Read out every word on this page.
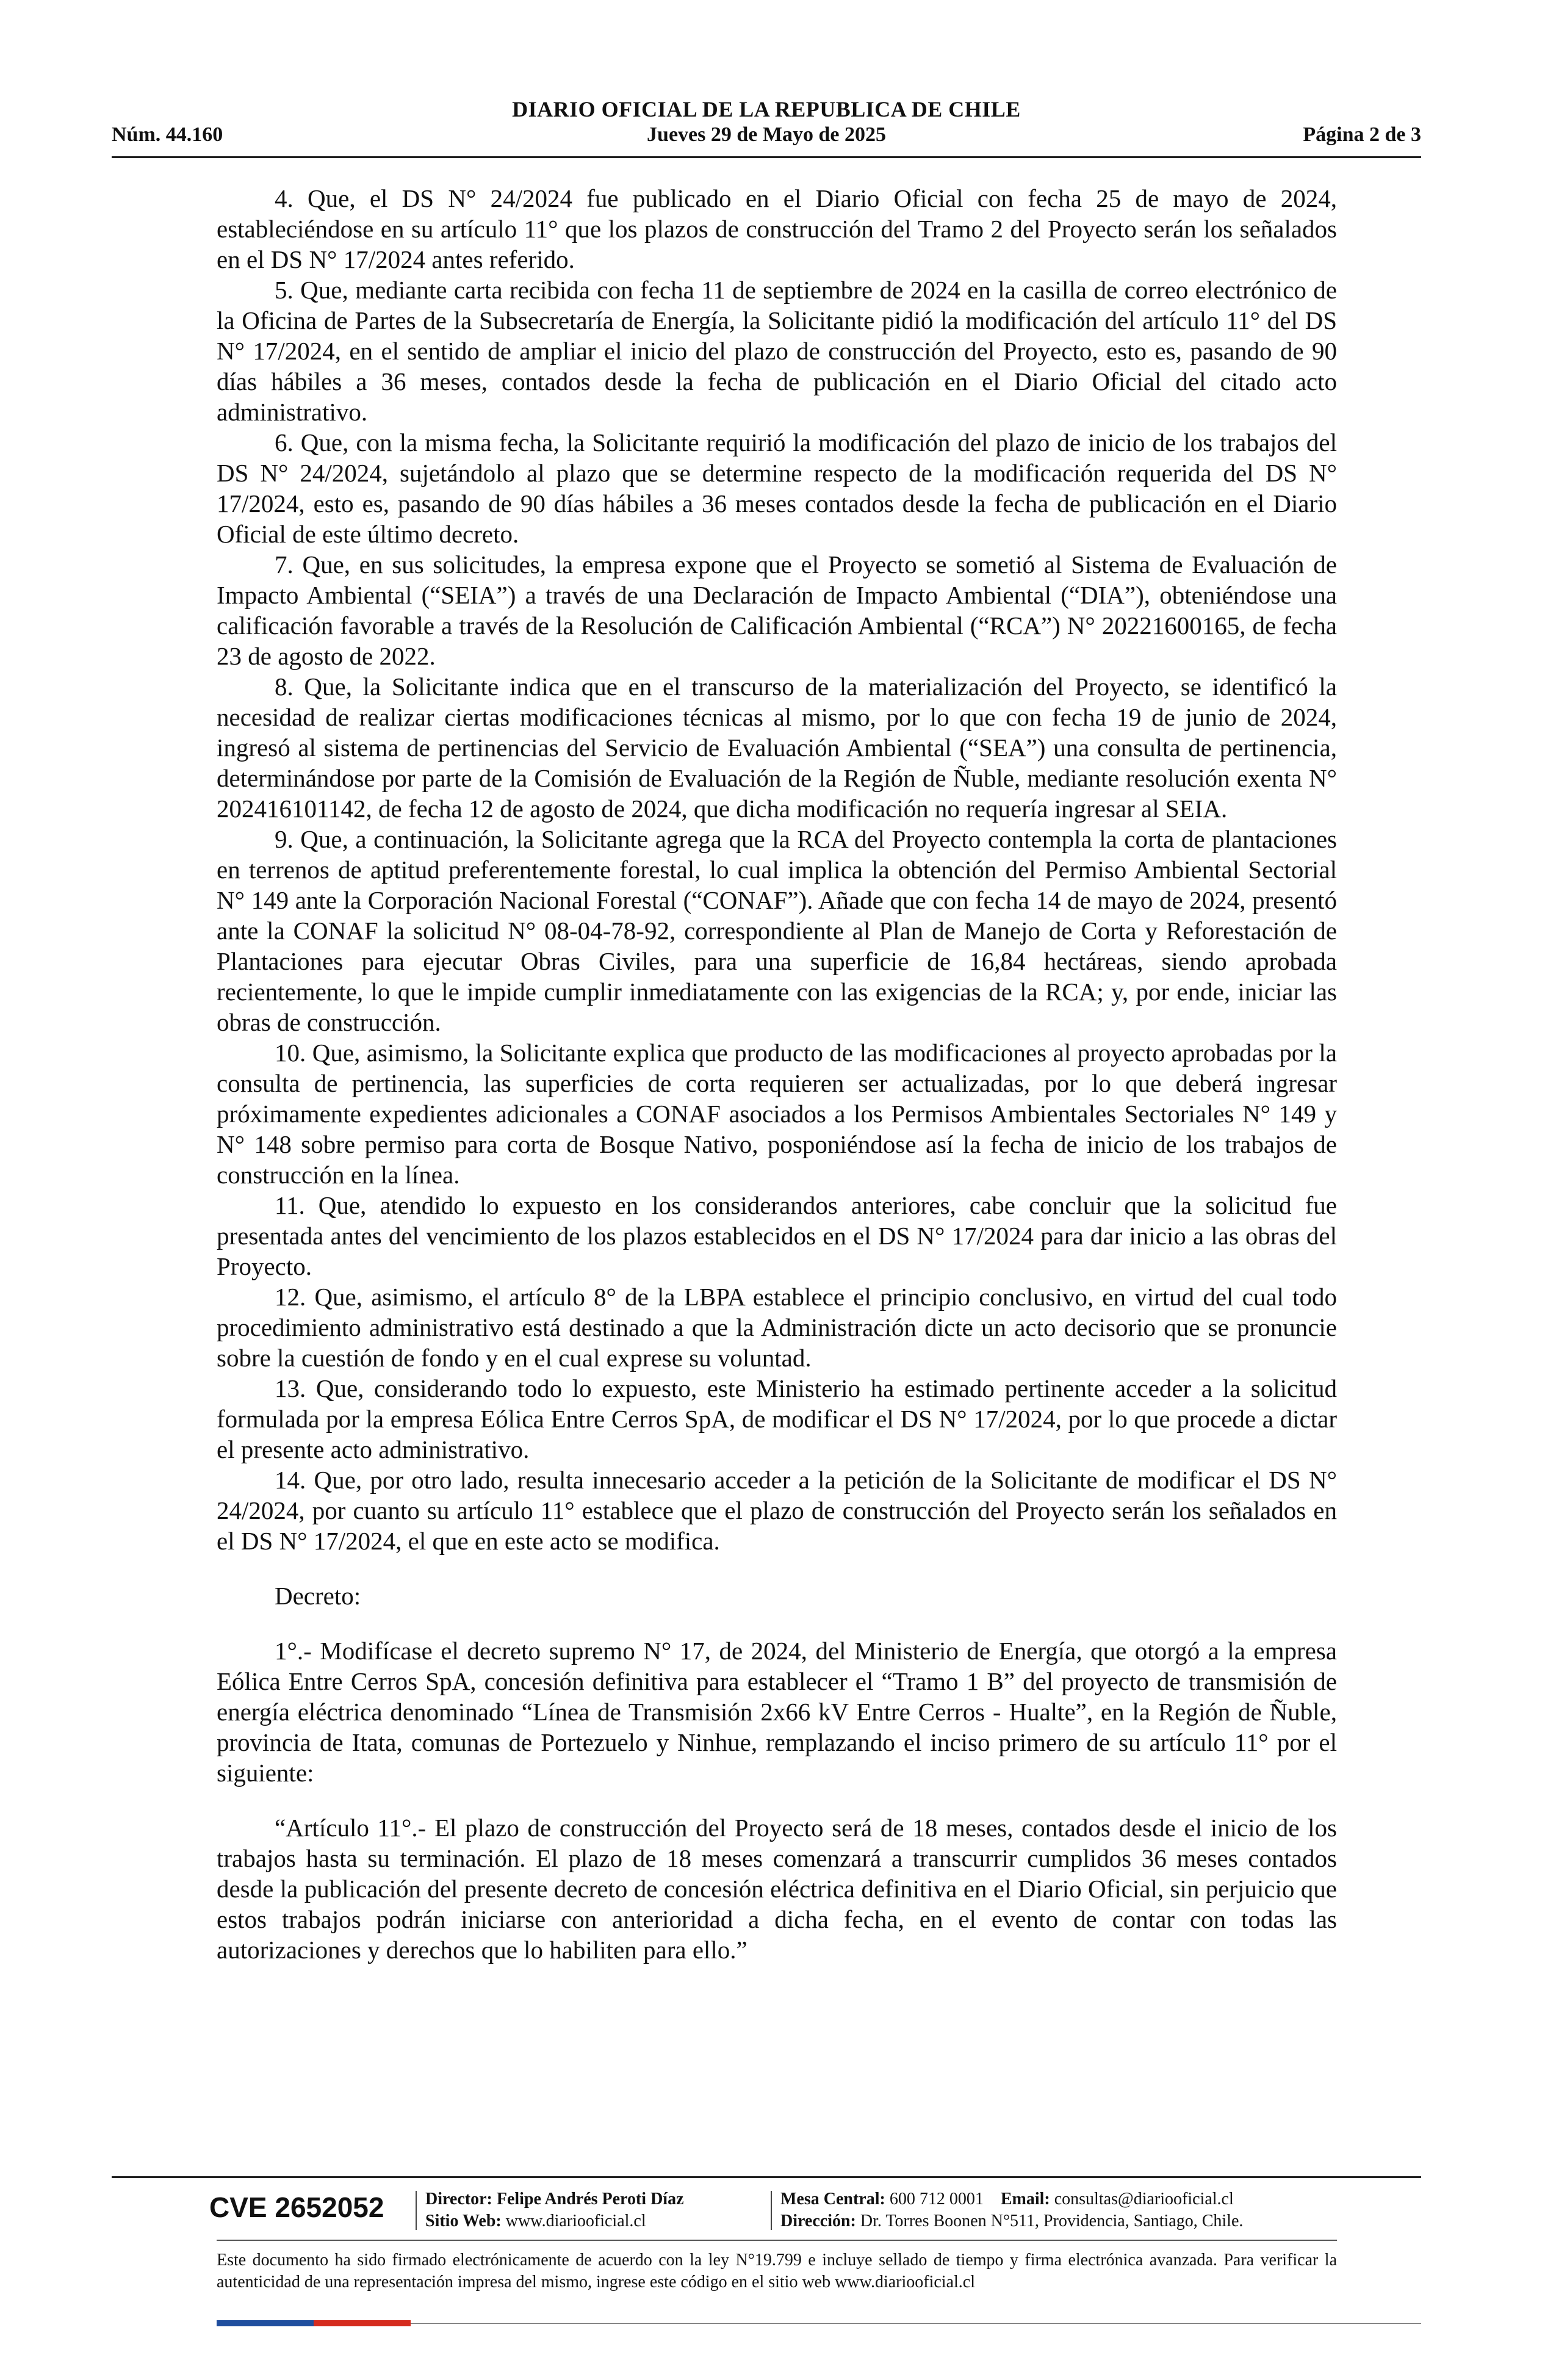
DIARIO OFICIAL DE LA REPUBLICA DE CHILE
Núm. 44.160	Jueves 29 de Mayo de 2025	Página 2 de 3

4. Que, el DS N° 24/2024 fue publicado en el Diario Oficial con fecha 25 de mayo de 2024, estableciéndose en su artículo 11° que los plazos de construcción del Tramo 2 del Proyecto serán los señalados en el DS N° 17/2024 antes referido.

5. Que, mediante carta recibida con fecha 11 de septiembre de 2024 en la casilla de correo electrónico de la Oficina de Partes de la Subsecretaría de Energía, la Solicitante pidió la modificación del artículo 11° del DS N° 17/2024, en el sentido de ampliar el inicio del plazo de construcción del Proyecto, esto es, pasando de 90 días hábiles a 36 meses, contados desde la fecha de publicación en el Diario Oficial del citado acto administrativo.

6. Que, con la misma fecha, la Solicitante requirió la modificación del plazo de inicio de los trabajos del DS N° 24/2024, sujetándolo al plazo que se determine respecto de la modificación requerida del DS N° 17/2024, esto es, pasando de 90 días hábiles a 36 meses contados desde la fecha de publicación en el Diario Oficial de este último decreto.

7. Que, en sus solicitudes, la empresa expone que el Proyecto se sometió al Sistema de Evaluación de Impacto Ambiental (“SEIA”) a través de una Declaración de Impacto Ambiental (“DIA”), obteniéndose una calificación favorable a través de la Resolución de Calificación Ambiental (“RCA”) N° 20221600165, de fecha 23 de agosto de 2022.

8. Que, la Solicitante indica que en el transcurso de la materialización del Proyecto, se identificó la necesidad de realizar ciertas modificaciones técnicas al mismo, por lo que con fecha 19 de junio de 2024, ingresó al sistema de pertinencias del Servicio de Evaluación Ambiental (“SEA”) una consulta de pertinencia, determinándose por parte de la Comisión de Evaluación de la Región de Ñuble, mediante resolución exenta N° 202416101142, de fecha 12 de agosto de 2024, que dicha modificación no requería ingresar al SEIA.

9. Que, a continuación, la Solicitante agrega que la RCA del Proyecto contempla la corta de plantaciones en terrenos de aptitud preferentemente forestal, lo cual implica la obtención del Permiso Ambiental Sectorial N° 149 ante la Corporación Nacional Forestal (“CONAF”). Añade que con fecha 14 de mayo de 2024, presentó ante la CONAF la solicitud N° 08-04-78-92, correspondiente al Plan de Manejo de Corta y Reforestación de Plantaciones para ejecutar Obras Civiles, para una superficie de 16,84 hectáreas, siendo aprobada recientemente, lo que le impide cumplir inmediatamente con las exigencias de la RCA; y, por ende, iniciar las obras de construcción.

10. Que, asimismo, la Solicitante explica que producto de las modificaciones al proyecto aprobadas por la consulta de pertinencia, las superficies de corta requieren ser actualizadas, por lo que deberá ingresar próximamente expedientes adicionales a CONAF asociados a los Permisos Ambientales Sectoriales N° 149 y N° 148 sobre permiso para corta de Bosque Nativo, posponiéndose así la fecha de inicio de los trabajos de construcción en la línea.

11. Que, atendido lo expuesto en los considerandos anteriores, cabe concluir que la solicitud fue presentada antes del vencimiento de los plazos establecidos en el DS N° 17/2024 para dar inicio a las obras del Proyecto.

12. Que, asimismo, el artículo 8° de la LBPA establece el principio conclusivo, en virtud del cual todo procedimiento administrativo está destinado a que la Administración dicte un acto decisorio que se pronuncie sobre la cuestión de fondo y en el cual exprese su voluntad.

13. Que, considerando todo lo expuesto, este Ministerio ha estimado pertinente acceder a la solicitud formulada por la empresa Eólica Entre Cerros SpA, de modificar el DS N° 17/2024, por lo que procede a dictar el presente acto administrativo.

14. Que, por otro lado, resulta innecesario acceder a la petición de la Solicitante de modificar el DS N° 24/2024, por cuanto su artículo 11° establece que el plazo de construcción del Proyecto serán los señalados en el DS N° 17/2024, el que en este acto se modifica.

Decreto:

1°.- Modifícase el decreto supremo N° 17, de 2024, del Ministerio de Energía, que otorgó a la empresa Eólica Entre Cerros SpA, concesión definitiva para establecer el “Tramo 1 B” del proyecto de transmisión de energía eléctrica denominado “Línea de Transmisión 2x66 kV Entre Cerros - Hualte”, en la Región de Ñuble, provincia de Itata, comunas de Portezuelo y Ninhue, remplazando el inciso primero de su artículo 11° por el siguiente:

“Artículo 11°.- El plazo de construcción del Proyecto será de 18 meses, contados desde el inicio de los trabajos hasta su terminación. El plazo de 18 meses comenzará a transcurrir cumplidos 36 meses contados desde la publicación del presente decreto de concesión eléctrica definitiva en el Diario Oficial, sin perjuicio que estos trabajos podrán iniciarse con anterioridad a dicha fecha, en el evento de contar con todas las autorizaciones y derechos que lo habiliten para ello.”

CVE 2652052 Director: Felipe Andrés Peroti Díaz
Sitio Web: www.diariooficial.cl
Mesa Central: 600 712 0001 Email: consultas@diariooficial.cl
Dirección: Dr. Torres Boonen N°511, Providencia, Santiago, Chile.
Este documento ha sido firmado electrónicamente de acuerdo con la ley N°19.799 e incluye sellado de tiempo y firma electrónica avanzada. Para verificar la autenticidad de una representación impresa del mismo, ingrese este código en el sitio web www.diariooficial.cl
